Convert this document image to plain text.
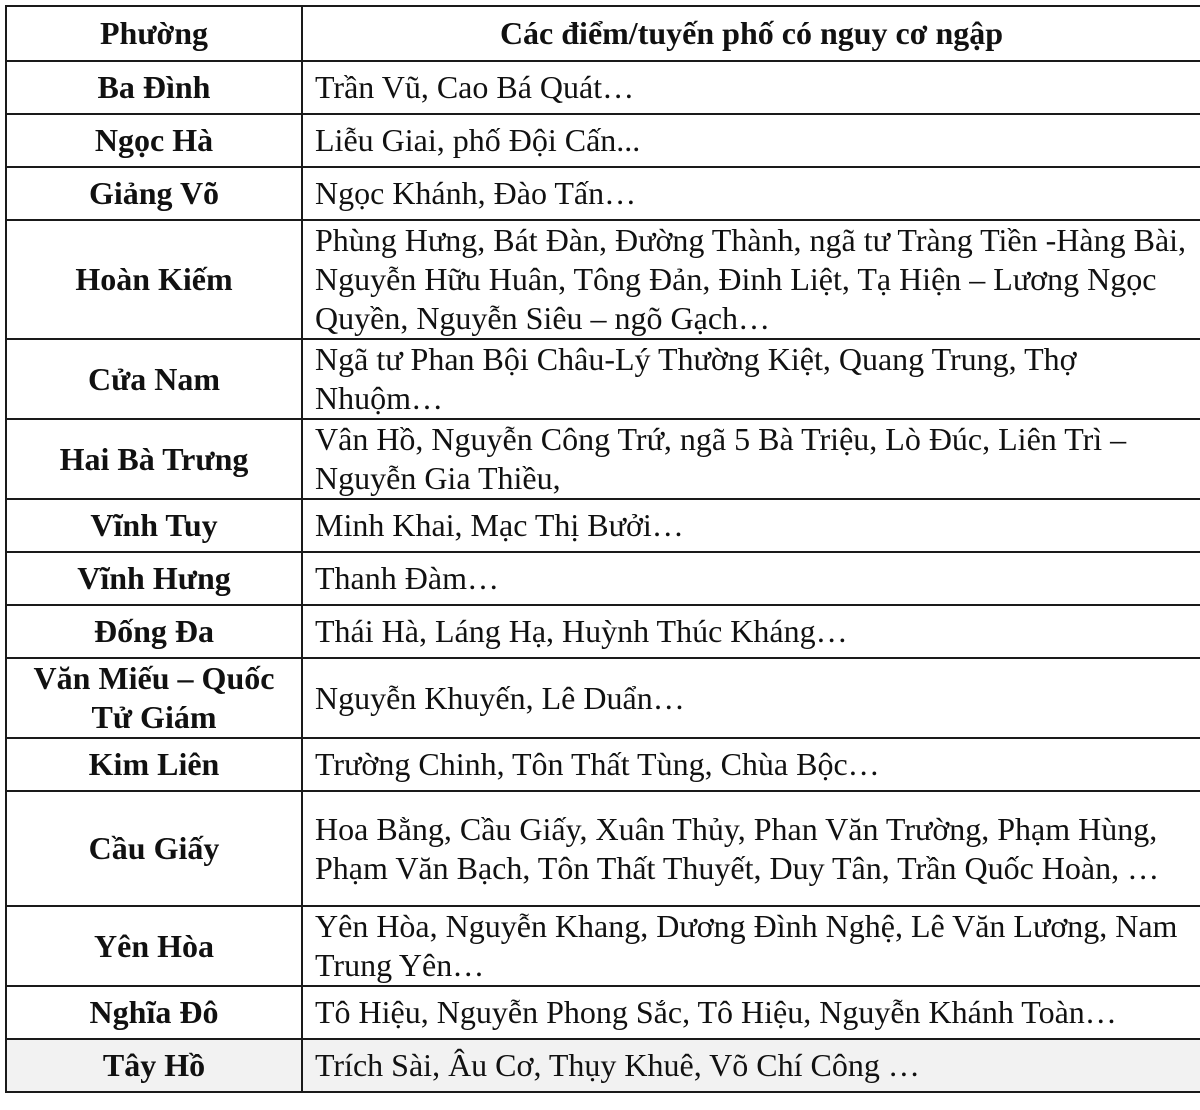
Phường	Các điểm/tuyến phố có nguy cơ ngập
Ba Đình	Trần Vũ, Cao Bá Quát…
Ngọc Hà	Liễu Giai, phố Đội Cấn...
Giảng Võ	Ngọc Khánh, Đào Tấn…
Hoàn Kiếm	Phùng Hưng, Bát Đàn, Đường Thành, ngã tư Tràng Tiền -Hàng Bài, Nguyễn Hữu Huân, Tông Đản, Đinh Liệt, Tạ Hiện – Lương Ngọc Quyền, Nguyễn Siêu – ngõ Gạch…
Cửa Nam	Ngã tư Phan Bội Châu-Lý Thường Kiệt, Quang Trung, Thợ Nhuộm…
Hai Bà Trưng	Vân Hồ, Nguyễn Công Trứ, ngã 5 Bà Triệu, Lò Đúc, Liên Trì – Nguyễn Gia Thiều,
Vĩnh Tuy	Minh Khai, Mạc Thị Bưởi…
Vĩnh Hưng	Thanh Đàm…
Đống Đa	Thái Hà, Láng Hạ, Huỳnh Thúc Kháng…
Văn Miếu – Quốc Tử Giám	Nguyễn Khuyến, Lê Duẩn…
Kim Liên	Trường Chinh, Tôn Thất Tùng, Chùa Bộc…
Cầu Giấy	Hoa Bằng, Cầu Giấy, Xuân Thủy, Phan Văn Trường, Phạm Hùng, Phạm Văn Bạch, Tôn Thất Thuyết, Duy Tân, Trần Quốc Hoàn, …
Yên Hòa	Yên Hòa, Nguyễn Khang, Dương Đình Nghệ, Lê Văn Lương, Nam Trung Yên…
Nghĩa Đô	Tô Hiệu, Nguyễn Phong Sắc, Tô Hiệu, Nguyễn Khánh Toàn…
Tây Hồ	Trích Sài, Âu Cơ, Thụy Khuê, Võ Chí Công …
